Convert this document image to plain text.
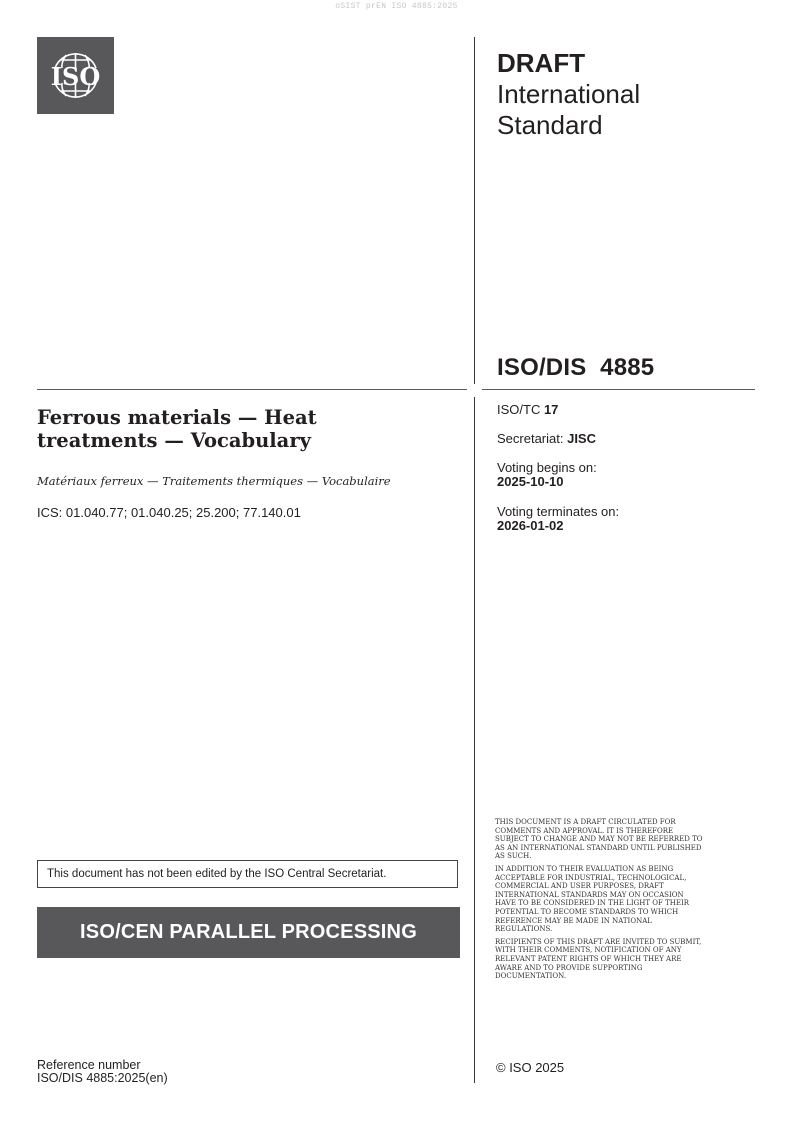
oSIST prEN ISO 4885:2025
ISO	DRAFT
International
Standard
ISO/DIS  4885
ISO/TC 17
Secretariat: JISC
Voting begins on:
2025-10-10
Voting terminates on:
2026-01-02
Ferrous materials — Heat
treatments — Vocabulary
Matériaux ferreux — Traitements thermiques — Vocabulaire
ICS: 01.040.77; 01.040.25; 25.200; 77.140.01
This document has not been edited by the ISO Central Secretariat.
ISO/CEN PARALLEL PROCESSING

THIS DOCUMENT IS A DRAFT CIRCULATED FOR COMMENTS AND APPROVAL. IT IS THEREFORE SUBJECT TO CHANGE AND MAY NOT BE REFERRED TO AS AN INTERNATIONAL STANDARD UNTIL PUBLISHED AS SUCH.

IN ADDITION TO THEIR EVALUATION AS BEING ACCEPTABLE FOR INDUSTRIAL, TECHNOLOGICAL, COMMERCIAL AND USER PURPOSES, DRAFT INTERNATIONAL STANDARDS MAY ON OCCASION HAVE TO BE CONSIDERED IN THE LIGHT OF THEIR POTENTIAL TO BECOME STANDARDS TO WHICH REFERENCE MAY BE MADE IN NATIONAL REGULATIONS.

RECIPIENTS OF THIS DRAFT ARE INVITED TO SUBMIT, WITH THEIR COMMENTS, NOTIFICATION OF ANY RELEVANT PATENT RIGHTS OF WHICH THEY ARE AWARE AND TO PROVIDE SUPPORTING DOCUMENTATION.

© ISO 2025
Reference number
ISO/DIS 4885:2025(en)
